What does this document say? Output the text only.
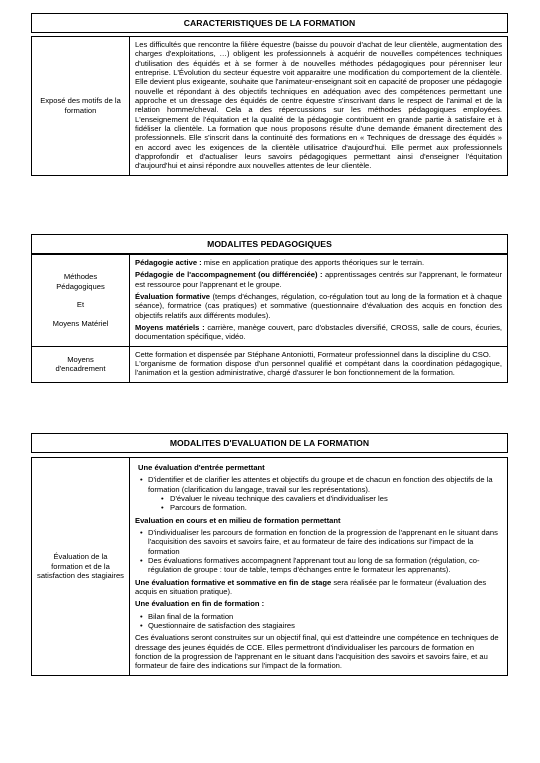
CARACTERISTIQUES DE LA FORMATION
Exposé des motifs de la formation

Les difficultés que rencontre la filière équestre (baisse du pouvoir d'achat de leur clientèle, augmentation des charges d'exploitations, …) obligent les professionnels à acquérir de nouvelles compétences techniques d'utilisation des équidés et à se former à de nouvelles méthodes pédagogiques pour pérenniser leur entreprise. L'Évolution du secteur équestre voit apparaitre une modification du comportement de la clientèle. Elle devient plus exigeante, souhaite que l'animateur-enseignant soit en capacité de proposer une pédagogie nouvelle et répondant à des objectifs techniques en adéquation avec des compétences permettant une approche et un dressage des équidés de centre équestre s'inscrivant dans le respect de l'animal et de la relation homme/cheval. Cela a des répercussions sur les méthodes pédagogiques employées. L'enseignement de l'équitation et la qualité de la pédagogie contribuent en grande partie à satisfaire et à fidéliser la clientèle. La formation que nous proposons résulte d'une demande émanent directement des professionnels. Elle s'inscrit dans la continuité des formations en « Techniques de dressage des équidés » en accord avec les exigences de la clientèle utilisatrice d'aujourd'hui. Elle permet aux professionnels d'approfondir et d'actualiser leurs savoirs pédagogiques permettant ainsi d'enseigner l'équitation d'aujourd'hui et ainsi répondre aux nouvelles attentes de leur clientèle.

MODALITES PEDAGOGIQUES
Méthodes
Pédagogiques

Et

Moyens Matériel

Pédagogie active : mise en application pratique des apports théoriques sur le terrain.

Pédagogie de l'accompagnement (ou différenciée) : apprentissages centrés sur l'apprenant, le formateur est ressource pour l'apprenant et le groupe.

Évaluation formative (temps d'échanges, régulation, co-régulation tout au long de la formation et à chaque séance), formatrice (cas pratiques) et sommative (questionnaire d'évaluation des acquis en fonction des objectifs relatifs aux différents modules).

Moyens matériels : carrière, manège couvert, parc d'obstacles diversifié, CROSS, salle de cours, écuries, documentation spécifique, vidéo.

Moyens
d'encadrement

Cette formation et dispensée par Stéphane Antoniotti, Formateur professionnel dans la discipline du CSO.

L'organisme de formation dispose d'un personnel qualifié et compétant dans la coordination pédagogique, l'animation et la gestion administrative, chargé d'assurer le bon fonctionnement de la formation.

MODALITES D'EVALUATION DE LA FORMATION
Évaluation de la formation et de la satisfaction des stagiaires

Une évaluation d'entrée permettant

• D'identifier et de clarifier les attentes et objectifs du groupe et de chacun en fonction des objectifs de la formation (clarification du langage, travail sur les représentations).
• D'évaluer le niveau technique des cavaliers et d'individualiser les
• Parcours de formation.

Evaluation en cours et en milieu de formation permettant

• D'individualiser les parcours de formation en fonction de la progression de l'apprenant en le situant dans l'acquisition des savoirs et savoirs faire, et au formateur de faire des indications sur l'impact de la formation
• Des évaluations formatives accompagnent l'apprenant tout au long de sa formation (régulation, co-régulation de groupe : tour de table, temps d'échanges entre le formateur les apprenants).

Une évaluation formative et sommative en fin de stage sera réalisée par le formateur (évaluation des acquis en situation pratique).

Une évaluation en fin de formation :

• Bilan final de la formation
• Questionnaire de satisfaction des stagiaires

Ces évaluations seront construites sur un objectif final, qui est d'atteindre une compétence en techniques de dressage des jeunes équidés de CCE. Elles permettront d'individualiser les parcours de formation en fonction de la progression de l'apprenant en le situant dans l'acquisition des savoirs et savoirs faire, et au formateur de faire des indications sur l'impact de la formation.
